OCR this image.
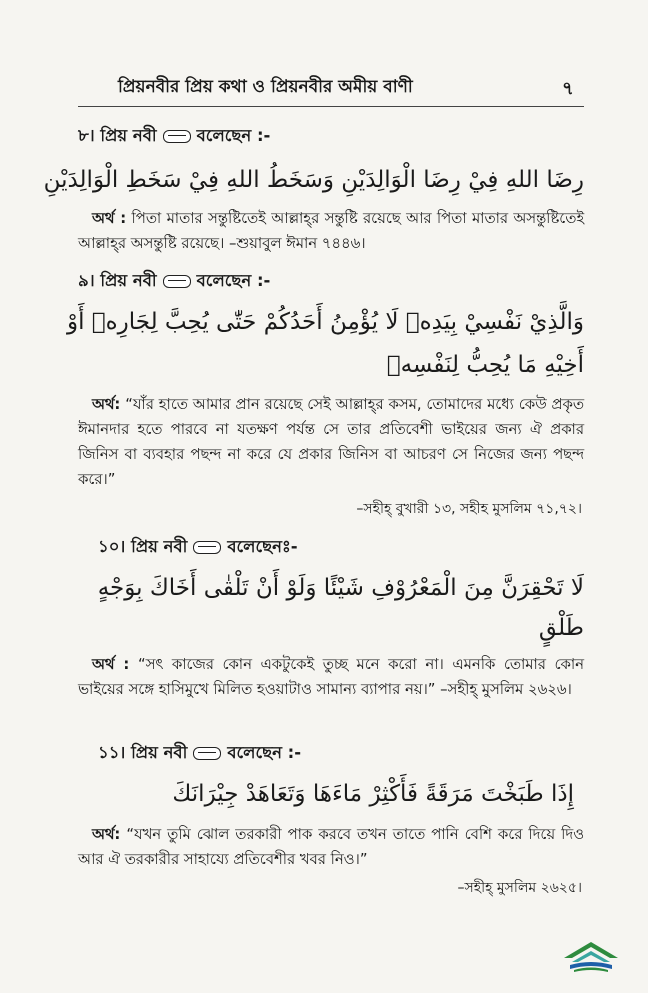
প্রিয়নবীর প্রিয় কথা ও প্রিয়নবীর অমীয় বাণী	৭
৮।
প্রিয় নবী বলেছেন :-
رِضَا اللهِ فِيْ رِضَا الْوَالِدَيْنِ وَسَخَطُ اللهِ فِيْ سَخَطِ الْوَالِدَيْنِ
অর্থ : পিতা মাতার সন্তুষ্টিতেই আল্লাহ্‌র সন্তুষ্টি রয়েছে আর পিতা মাতার অসন্তুষ্টিতেই আল্লাহ্‌র অসন্তুষ্টি রয়েছে। –শুয়াবুল ঈমান ৭৪৪৬।
৯।
প্রিয় নবী বলেছেন :-
وَالَّذِيْ نَفْسِيْ بِيَدِهٖ لَا يُؤْمِنُ أَحَدُكُمْ حَتّٰى يُحِبَّ لِجَارِهٖ أَوْ
أَخِيْهِ مَا يُحِبُّ لِنَفْسِهٖ
অর্থ: “যাঁর হাতে আমার প্রান রয়েছে সেই আল্লাহ্‌র কসম, তোমাদের মধ্যে কেউ প্রকৃত ঈমানদার হতে পারবে না যতক্ষণ পর্যন্ত সে তার প্রতিবেশী ভাইয়ের জন্য ঐ প্রকার জিনিস বা ব্যবহার পছন্দ না করে যে প্রকার জিনিস বা আচরণ সে নিজের জন্য পছন্দ করে।”
–সহীহ্ বুখারী ১৩, সহীহ মুসলিম ৭১,৭২।
১০।
প্রিয় নবী বলেছেনঃ-
لَا تَحْقِرَنَّ مِنَ الْمَعْرُوْفِ شَيْئًا وَلَوْ أَنْ تَلْقٰى أَخَاكَ بِوَجْهٍ
طَلْقٍ
অর্থ : “সৎ কাজের কোন একটুকেই তুচ্ছ মনে করো না। এমনকি তোমার কোন ভাইয়ের সঙ্গে হাসিমুখে মিলিত হওয়াটাও সামান্য ব্যাপার নয়।” –সহীহ্ মুসলিম ২৬২৬।
১১।
প্রিয় নবী বলেছেন :-
إِذَا طَبَخْتَ مَرَقَةً فَأَكْثِرْ مَاءَهَا وَتَعَاهَدْ جِيْرَانَكَ
অর্থ: “যখন তুমি ঝোল তরকারী পাক করবে তখন তাতে পানি বেশি করে দিয়ে দিও আর ঐ তরকারীর সাহায্যে প্রতিবেশীর খবর নিও।”
–সহীহ্ মুসলিম ২৬২৫।
